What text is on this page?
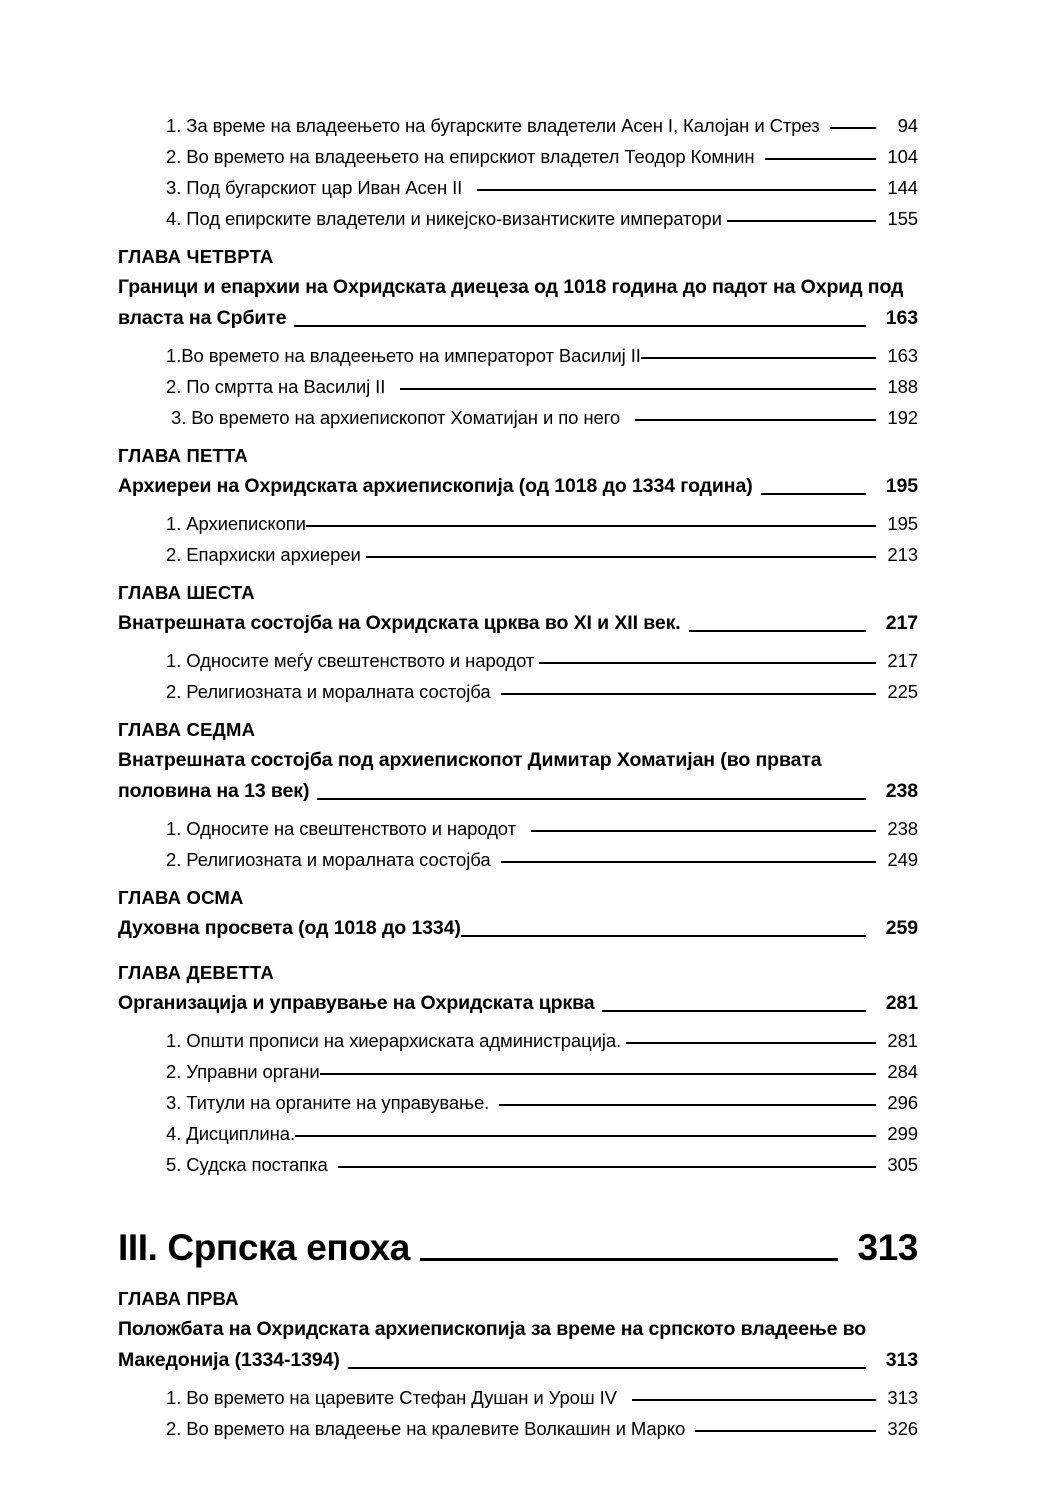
1. За време на владеењето на бугарските владетели Асен I, Калојан и Стрез	94
2. Во времето на владеењето на епирскиот владетел Теодор Комнин	104
3. Под бугарскиот цар Иван Асен II	144
4. Под епирските владетели и никејско-византиските императори	155
ГЛАВА ЧЕТВРТА
Граници и епархии на Охридската диецеза од 1018 година до падот на Охрид под
власта на Србите	163
1.Во времето на владеењето на императорот Василиј II	163
2. По смртта на Василиј II	188
3. Во времето на архиепископот Хоматијан и по него	192
ГЛАВА ПЕТТА
Архиереи на Охридската архиепископија (од 1018 до 1334 година)	195
1. Архиепископи	195
2. Епархиски архиереи	213
ГЛАВА ШЕСТА
Внатрешната состојба на Охридската црква во XI и XII век.	217
1. Односите меѓу свештенството и народот	217
2. Религиозната и моралната состојба	225
ГЛАВА СЕДМА
Внатрешната состојба под архиепископот Димитар Хоматијан (во првата
половина на 13 век)	238
1. Односите на свештенството и народот	238
2. Религиозната и моралната состојба	249
ГЛАВА ОСМА
Духовна просвета (од 1018 до 1334)	259
ГЛАВА ДЕВЕТТА
Организација и управување на Охридската црква	281
1. Општи прописи на хиерархиската администрација.	281
2. Управни органи	284
3. Титули на органите на управување.	296
4. Дисциплина.	299
5. Судска постапка	305
III. Српска епоха	313
ГЛАВА ПРВА
Положбата на Охридската архиепископија за време на српското владеење во
Македонија (1334-1394)	313
1. Во времето на царевите Стефан Душан и Урош IV	313
2. Во времето на владеење на кралевите Волкашин и Марко	326
